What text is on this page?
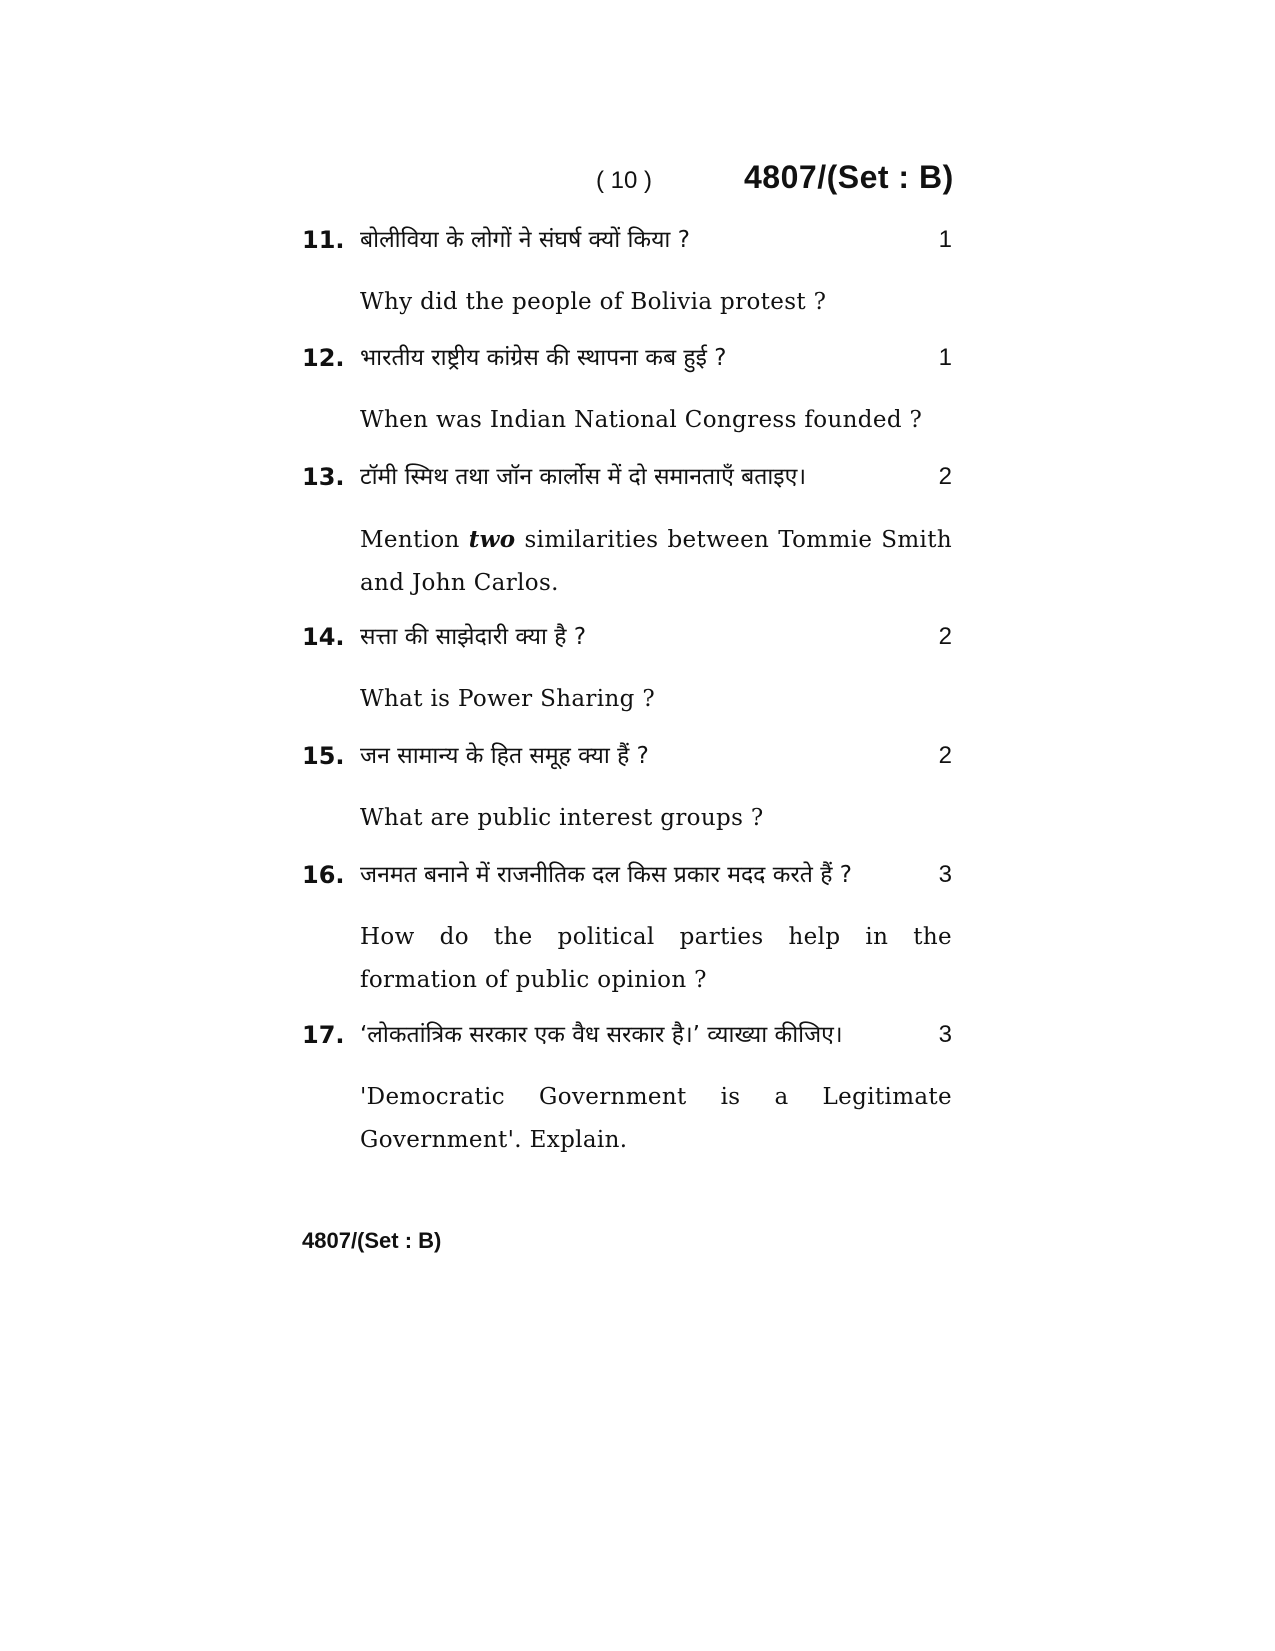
( 10 )	4807/(Set : B)
11. बोलीविया के लोगों ने संघर्ष क्यों किया ?	1
Why did the people of Bolivia protest ?
12. भारतीय राष्ट्रीय कांग्रेस की स्थापना कब हुई ?	1
When was Indian National Congress founded ?
13. टॉमी स्मिथ तथा जॉन कार्लोस में दो समानताएँ बताइए।	2
Mention two similarities between Tommie Smith and John Carlos.
14. सत्ता की साझेदारी क्या है ?	2
What is Power Sharing ?
15. जन सामान्य के हित समूह क्या हैं ?	2
What are public interest groups ?
16. जनमत बनाने में राजनीतिक दल किस प्रकार मदद करते हैं ?	3
How do the political parties help in the formation of public opinion ?
17. ‘लोकतांत्रिक सरकार एक वैध सरकार है।’ व्याख्या कीजिए।	3
'Democratic Government is a Legitimate Government'. Explain.
4807/(Set : B)
